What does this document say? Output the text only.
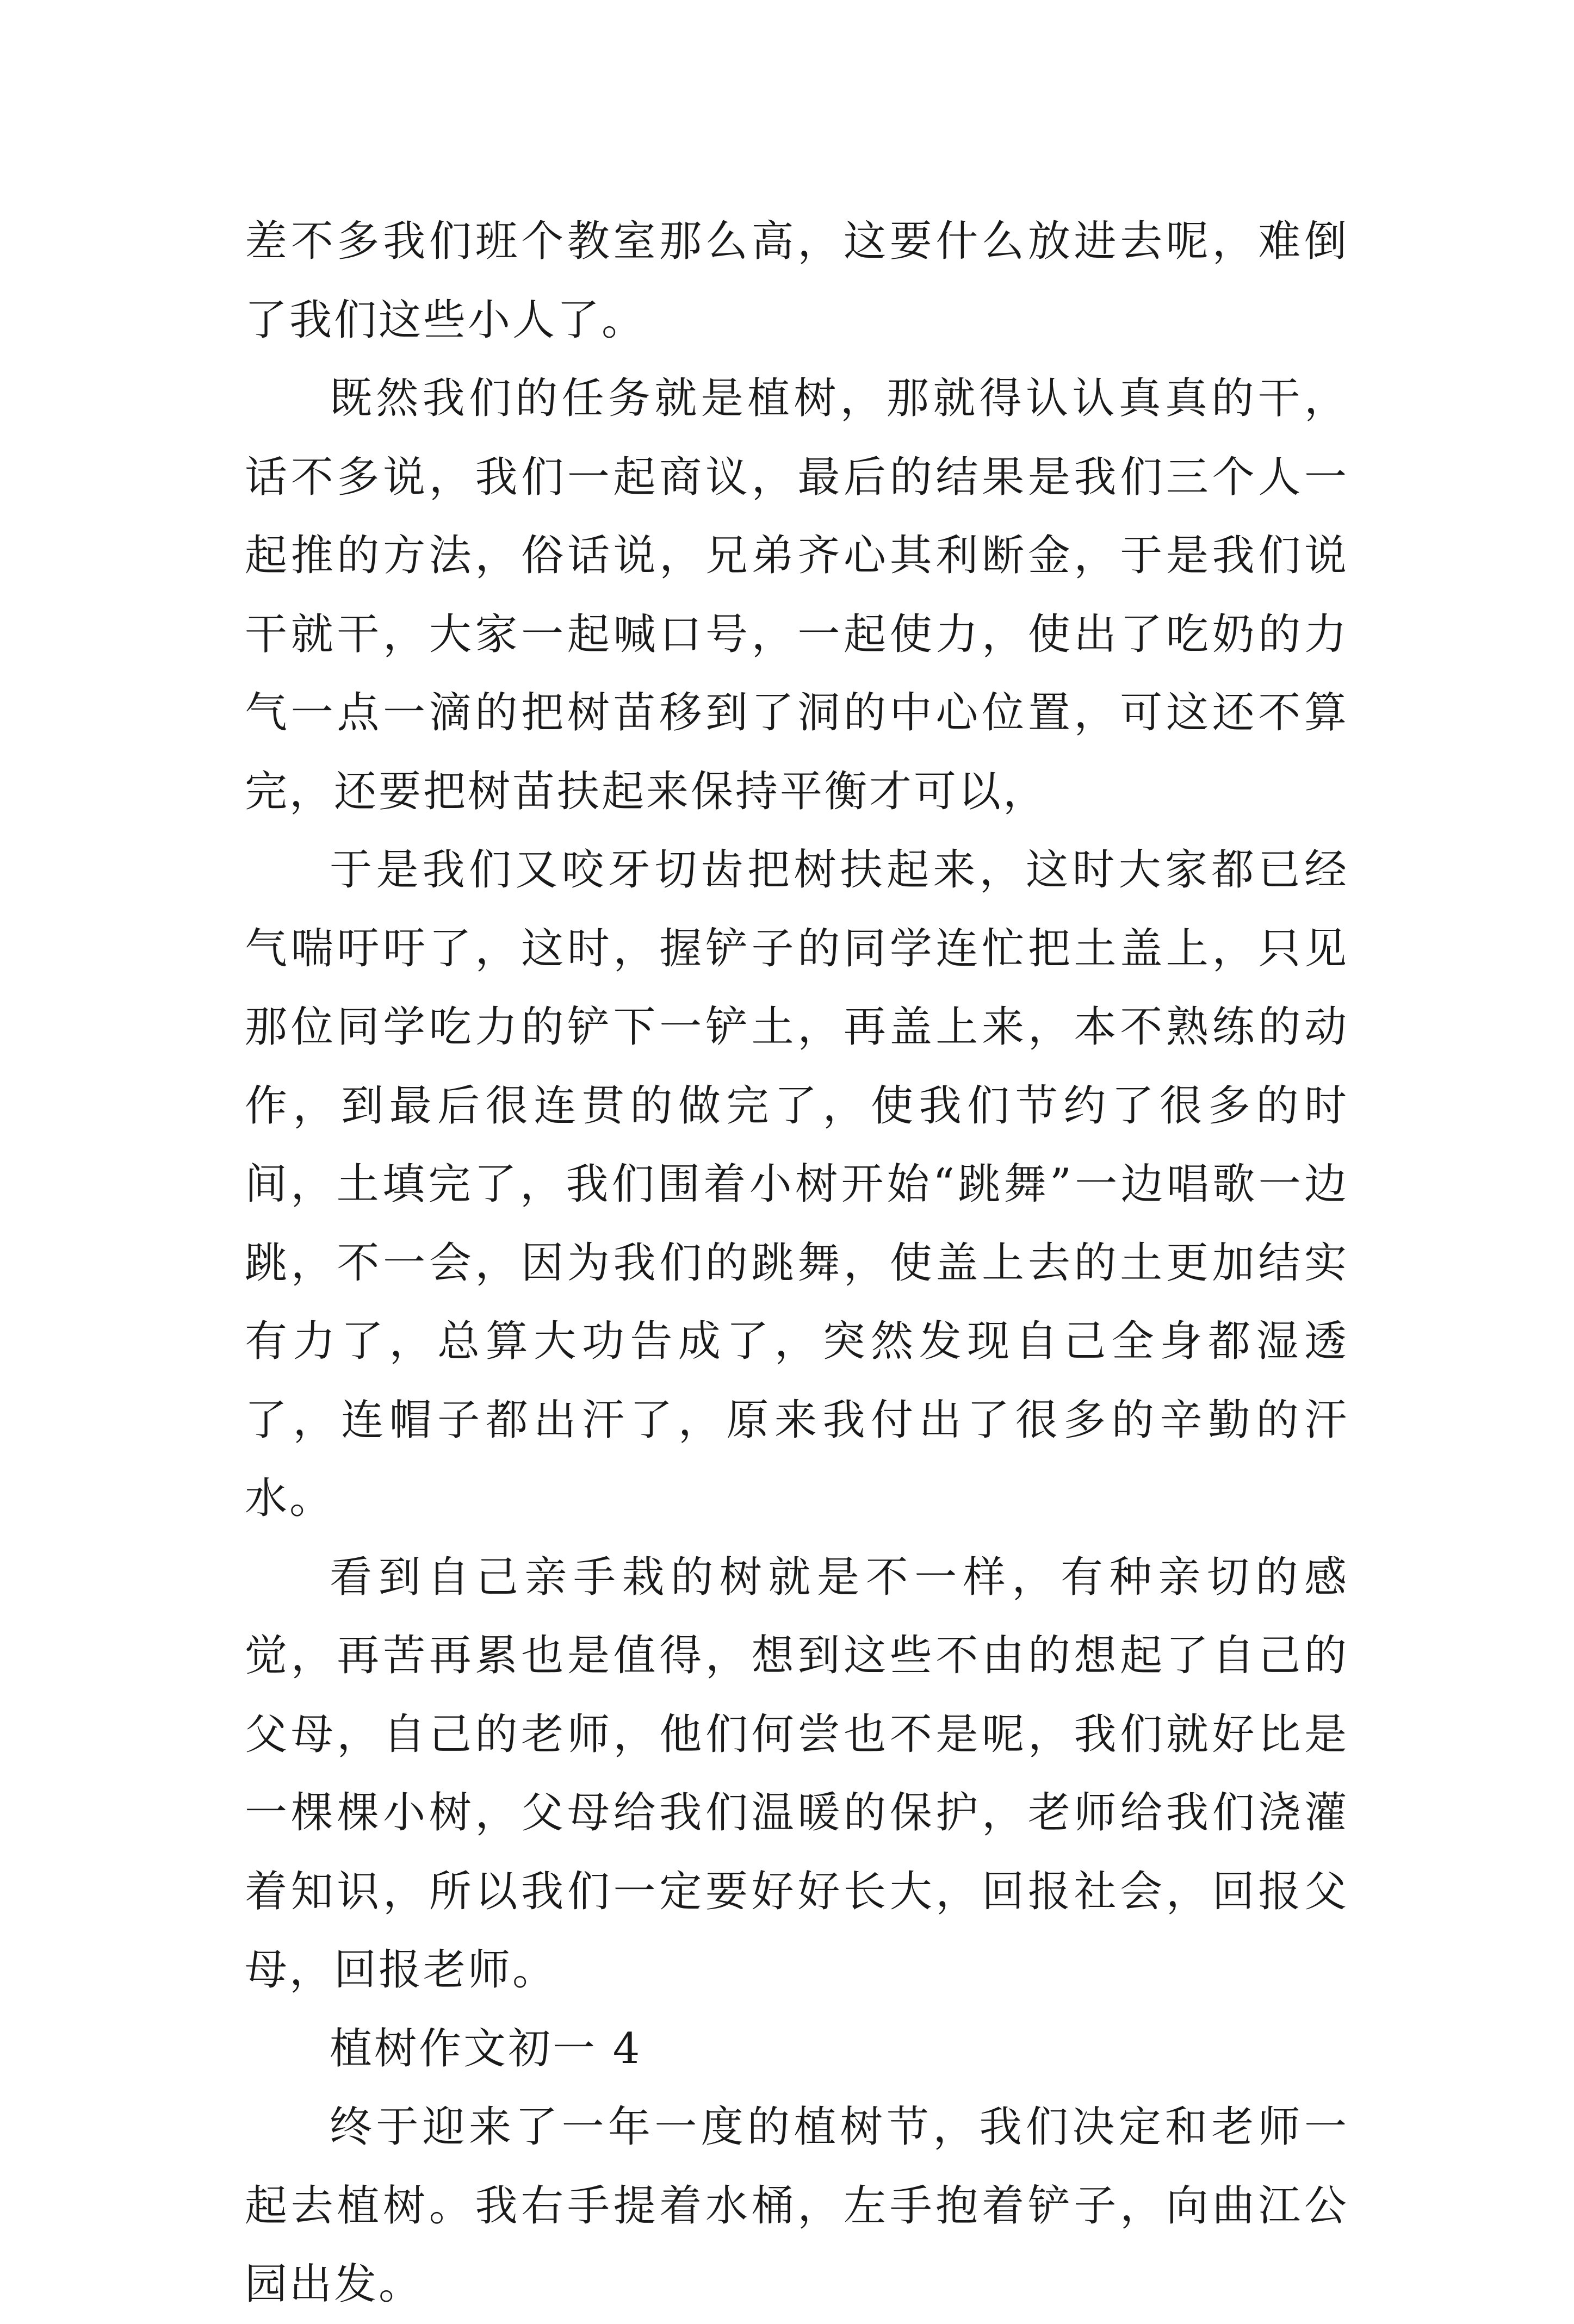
差不多我们班个教室那么高，这要什么放进去呢，难倒了我们这些小人了。

既然我们的任务就是植树，那就得认认真真的干，话不多说，我们一起商议，最后的结果是我们三个人一起推的方法，俗话说，兄弟齐心其利断金，于是我们说干就干，大家一起喊口号，一起使力，使出了吃奶的力气一点一滴的把树苗移到了洞的中心位置，可这还不算完，还要把树苗扶起来保持平衡才可以，

于是我们又咬牙切齿把树扶起来，这时大家都已经气喘吁吁了，这时，握铲子的同学连忙把土盖上，只见那位同学吃力的铲下一铲土，再盖上来，本不熟练的动作，到最后很连贯的做完了，使我们节约了很多的时间，土填完了，我们围着小树开始“跳舞”一边唱歌一边跳，不一会，因为我们的跳舞，使盖上去的土更加结实有力了，总算大功告成了，突然发现自己全身都湿透了，连帽子都出汗了，原来我付出了很多的辛勤的汗水。

看到自己亲手栽的树就是不一样，有种亲切的感觉，再苦再累也是值得，想到这些不由的想起了自己的父母，自己的老师，他们何尝也不是呢，我们就好比是一棵棵小树，父母给我们温暖的保护，老师给我们浇灌着知识，所以我们一定要好好长大，回报社会，回报父母，回报老师。

植树作文初一 4

终于迎来了一年一度的植树节，我们决定和老师一起去植树。我右手提着水桶，左手抱着铲子，向曲江公园出发。
